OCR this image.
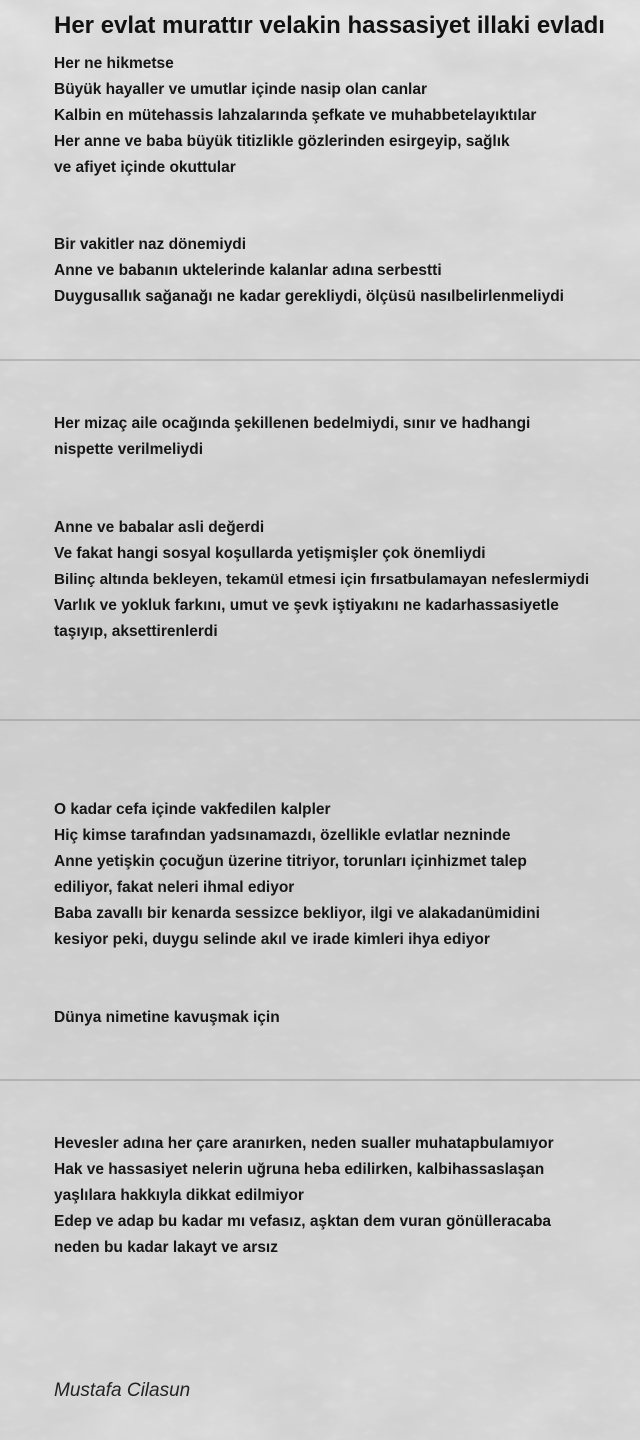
Her evlat murattır velakin hassasiyet illaki evladı
Her ne hikmetse
Büyük hayaller ve umutlar içinde nasip olan canlar
Kalbin en mütehassis lahzalarında şefkate ve muhabbetelayıktılar
Her anne ve baba büyük titizlikle gözlerinden esirgeyip, sağlık
ve afiyet içinde okuttular
Bir vakitler naz dönemiydi
Anne ve babanın uktelerinde kalanlar adına serbestti
Duygusallık sağanağı ne kadar gerekliydi, ölçüsü nasılbelirlenmeliydi
Her mizaç aile ocağında şekillenen bedelmiydi, sınır ve hadhangi
nispette verilmeliydi
Anne ve babalar asli değerdi
Ve fakat hangi sosyal koşullarda yetişmişler çok önemliydi
Bilinç altında bekleyen, tekamül etmesi için fırsatbulamayan nefeslermiydi
Varlık ve yokluk farkını, umut ve şevk iştiyakını ne kadarhassasiyetle
taşıyıp, aksettirenlerdi
O kadar cefa içinde vakfedilen kalpler
Hiç kimse tarafından yadsınamazdı, özellikle evlatlar nezninde
Anne yetişkin çocuğun üzerine titriyor, torunları içinhizmet talep
ediliyor, fakat neleri ihmal ediyor
Baba zavallı bir kenarda sessizce bekliyor, ilgi ve alakadanümidini
kesiyor peki, duygu selinde akıl ve irade kimleri ihya ediyor
Dünya nimetine kavuşmak için
Hevesler adına her çare aranırken, neden sualler muhatapbulamıyor
Hak ve hassasiyet nelerin uğruna heba edilirken, kalbihassaslaşan
yaşlılara hakkıyla dikkat edilmiyor
Edep ve adap bu kadar mı vefasız, aşktan dem vuran gönülleracaba
neden bu kadar lakayt ve arsız
Mustafa Cilasun
